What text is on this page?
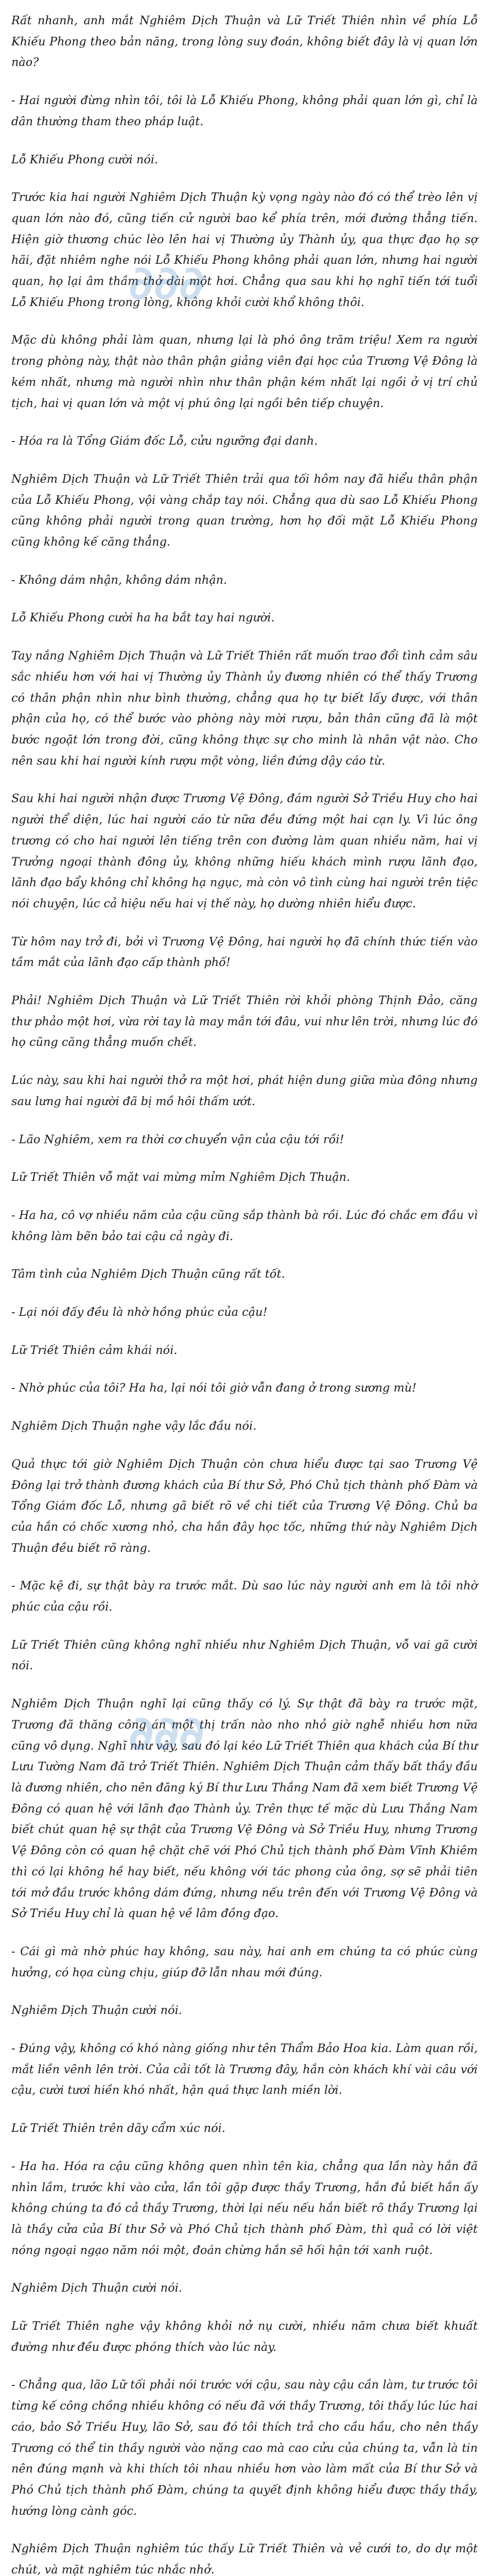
Rất nhanh, anh mắt Nghiêm Dịch Thuận và Lữ Triết Thiên nhìn về phía Lỗ Khiếu Phong theo bản năng, trong lòng suy đoán, không biết đây là vị quan lớn nào?

- Hai người đừng nhìn tôi, tôi là Lỗ Khiếu Phong, không phải quan lớn gì, chỉ là dân thường tham theo pháp luật.

Lỗ Khiếu Phong cười nói.

Trước kia hai người Nghiêm Dịch Thuận kỳ vọng ngày nào đó có thể trèo lên vị quan lớn nào đó, cũng tiến cử người bao kể phía trên, mới đường thẳng tiến. Hiện giờ thương chúc lèo lên hai vị Thường ủy Thành ủy, qua thực đạo họ sợ hãi, đặt nhiêm nghe nói Lỗ Khiếu Phong không phải quan lớn, nhưng hai người quan, họ lại âm thầm thở dài một hơi. Chẳng qua sau khi họ nghĩ tiến tới tuổi Lỗ Khiếu Phong trong lòng, không khỏi cười khổ không thôi.

Mặc dù không phải làm quan, nhưng lại là phó ông trăm triệu! Xem ra người trong phòng này, thật nào thân phận giảng viên đại học của Trương Vệ Đông là kém nhất, nhưng mà người nhìn như thân phận kém nhất lại ngồi ở vị trí chủ tịch, hai vị quan lớn và một vị phú ông lại ngồi bên tiếp chuyện.

- Hóa ra là Tổng Giám đốc Lỗ, cửu ngưỡng đại danh.

Nghiêm Dịch Thuận và Lữ Triết Thiên trải qua tối hôm nay đã hiểu thân phận của Lỗ Khiếu Phong, vội vàng chắp tay nói. Chẳng qua dù sao Lỗ Khiếu Phong cũng không phải người trong quan trường, hơn họ đối mặt Lỗ Khiếu Phong cũng không kế căng thẳng.

- Không dám nhận, không dám nhận.

Lỗ Khiếu Phong cười ha ha bắt tay hai người.

Tay nắng Nghiêm Dịch Thuận và Lữ Triết Thiên rất muốn trao đổi tình cảm sâu sắc nhiều hơn với hai vị Thường ủy Thành ủy đương nhiên có thể thấy Trương có thân phận nhìn như bình thường, chẳng qua họ tự biết lấy được, với thân phận của họ, có thể bước vào phòng này mời rượu, bản thân cũng đã là một bước ngoặt lớn trong đời, cũng không thực sự cho mình là nhân vật nào. Cho nên sau khi hai người kính rượu một vòng, liền đứng dậy cáo từ.

Sau khi hai người nhận được Trương Vệ Đông, đám người Sở Triều Huy cho hai người thể diện, lúc hai người cáo từ nữa đều đứng một hai cạn ly. Vì lúc ông trương có cho hai người lên tiếng trên con đường làm quan nhiều năm, hai vị Trưởng ngoại thành đông ủy, không những hiếu khách mình rượu lãnh đạo, lãnh đạo bẩy không chỉ không hạ ngục, mà còn vô tình cùng hai người trên tiệc nói chuyện, lúc cả hiệu nếu hai vị thế này, họ dường nhiên hiểu được.

Từ hôm nay trở đi, bởi vì Trương Vệ Đông, hai người họ đã chính thức tiến vào tầm mắt của lãnh đạo cấp thành phố!

Phải! Nghiêm Dịch Thuận và Lữ Triết Thiên rời khỏi phòng Thịnh Đảo, căng thư phảo một hơi, vừa rời tay là may mắn tới đâu, vui như lên trời, nhưng lúc đó họ cũng căng thẳng muốn chết.

Lúc này, sau khi hai người thở ra một hơi, phát hiện dung giữa mùa đông nhưng sau lưng hai người đã bị mồ hôi thấm ướt.

- Lão Nghiêm, xem ra thời cơ chuyển vận của cậu tới rồi!

Lữ Triết Thiên vỗ mặt vai mừng mỉm Nghiêm Dịch Thuận.

- Ha ha, cô vợ nhiều năm của cậu cũng sắp thành bà rồi. Lúc đó chắc em đầu vì không làm bẽn bảo tai cậu cả ngày đi.

Tâm tình của Nghiêm Dịch Thuận cũng rất tốt.

- Lại nói đấy đều là nhờ hồng phúc của cậu!

Lữ Triết Thiên cảm khái nói.

- Nhờ phúc của tôi? Ha ha, lại nói tôi giờ vẫn đang ở trong sương mù!

Nghiêm Dịch Thuận nghe vậy lắc đầu nói.

Quả thực tới giờ Nghiêm Dịch Thuận còn chưa hiểu được tại sao Trương Vệ Đông lại trở thành đương khách của Bí thư Sở, Phó Chủ tịch thành phố Đàm và Tổng Giám đốc Lỗ, nhưng gã biết rõ về chi tiết của Trương Vệ Đông. Chủ ba của hắn có chốc xương nhỏ, cha hắn đây học tốc, những thứ này Nghiêm Dịch Thuận đều biết rõ ràng.

- Mặc kệ đi, sự thật bày ra trước mắt. Dù sao lúc này người anh em là tôi nhờ phúc của cậu rồi.

Lữ Triết Thiên cũng không nghĩ nhiều như Nghiêm Dịch Thuận, vỗ vai gã cười nói.

Nghiêm Dịch Thuận nghĩ lại cũng thấy có lý. Sự thật đã bày ra trước mặt, Trương đã thăng công án một thị trấn nào nho nhỏ giờ nghễ nhiều hơn nữa cũng vô dụng. Nghĩ như vậy, sau đó lại kéo Lữ Triết Thiên qua khách của Bí thư Lưu Tường Nam đã trở Triết Thiên. Nghiêm Dịch Thuận cảm thấy bất thầy đầu là đương nhiên, cho nên đăng ký Bí thư Lưu Thắng Nam đã xem biết Trương Vệ Đông có quan hệ với lãnh đạo Thành ủy. Trên thực tế mặc dù Lưu Thắng Nam biết chút quan hệ sự thật của Trương Vệ Đông và Sở Triều Huy, nhưng Trương Vệ Đông còn có quan hệ chặt chẽ với Phó Chủ tịch thành phố Đàm Vĩnh Khiêm thì có lại không hề hay biết, nếu không với tác phong của ông, sợ sẽ phải tiên tới mở đầu trước không dám đứng, nhưng nếu trên đến với Trương Vệ Đông và Sở Triều Huy chỉ là quan hệ về lâm đồng đạo.

- Cái gì mà nhờ phúc hay không, sau này, hai anh em chúng ta có phúc cùng hưởng, có họa cùng chịu, giúp đỡ lẫn nhau mới đúng.

Nghiêm Dịch Thuận cười nói.

- Đúng vậy, không có khó nàng giống như tên Thẩm Bảo Hoa kia. Làm quan rồi, mắt liền vênh lên trời. Của cải tốt là Trương đây, hắn còn khách khí vài câu với cậu, cười tươi hiền khó nhất, hận quá thực lanh miền lời.

Lữ Triết Thiên trên dãy cẩm xúc nói.

- Ha ha. Hóa ra cậu cũng không quen nhìn tên kia, chẳng qua lần này hắn đã nhìn lầm, trước khi vào cửa, lần tôi gặp được thầy Trương, hắn đủ biết hắn ấy không chúng ta đó cả thầy Trương, thời lại nếu nếu hắn biết rõ thầy Trương lại là thầy cửa của Bí thư Sở và Phó Chủ tịch thành phố Đàm, thì quả có lời việt nóng ngoại ngạo năm nói một, đoán chừng hắn sẽ hối hận tới xanh ruột.

Nghiêm Dịch Thuận cười nói.

Lữ Triết Thiên nghe vậy không khỏi nở nụ cười, nhiều năm chưa biết khuất đường như đều được phóng thích vào lúc này.

- Chẳng qua, lão Lữ tối phải nói trước với cậu, sau này cậu cần làm, tư trước tôi từng kế công chồng nhiều không có nếu đã với thầy Trương, tôi thấy lúc lúc hai cáo, bảo Sở Triều Huy, lão Sở, sau đó tôi thích trả cho cầu hầu, cho nên thầy Trương có thể tin thầy người vào nặng cao mà cao cửu của chúng ta, vẫn là tin nên đúng mạnh và khi thích tôi nhau nhiều hơn vào làm mất của Bí thư Sở và Phó Chủ tịch thành phố Đàm, chúng ta quyết định không hiểu được thầy thầy, hướng lòng cành góc.

Nghiêm Dịch Thuận nghiêm túc thấy Lữ Triết Thiên và vẻ cưới to, do dự một chút, và mặt nghiêm túc nhắc nhở.

∂∂∂
∂∂∂
